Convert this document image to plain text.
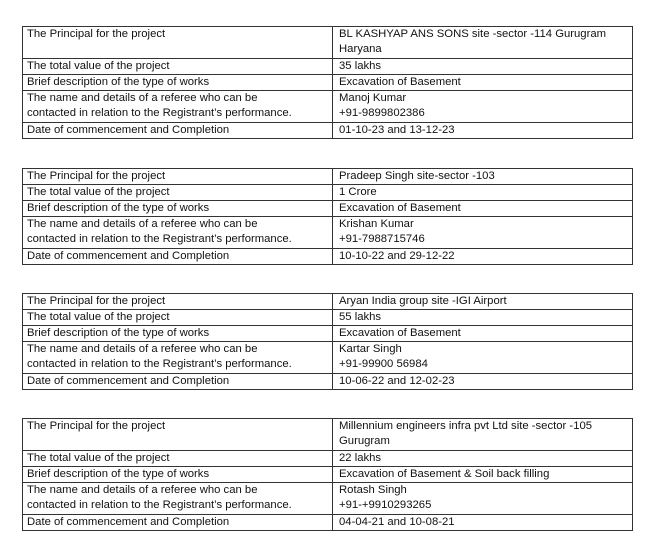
The Principal for the project	BL KASHYAP ANS SONS site -sector -114 Gurugram
Haryana

The total value of the project	35 lakhs
Brief description of the type of works	Excavation of Basement

The name and details of a referee who can be
contacted in relation to the Registrant’s performance.	Manoj Kumar
+91-9899802386

Date of commencement and Completion	01-10-23 and 13-12-23
The Principal for the project	Pradeep Singh site-sector -103
The total value of the project	1 Crore
Brief description of the type of works	Excavation of Basement

The name and details of a referee who can be
contacted in relation to the Registrant’s performance.	Krishan Kumar
+91-7988715746

Date of commencement and Completion	10-10-22 and 29-12-22
The Principal for the project	Aryan India group site -IGI Airport
The total value of the project	55 lakhs
Brief description of the type of works	Excavation of Basement

The name and details of a referee who can be
contacted in relation to the Registrant’s performance.	Kartar Singh
+91-99900 56984

Date of commencement and Completion	10-06-22 and 12-02-23
The Principal for the project	Millennium engineers infra pvt Ltd site -sector -105
Gurugram

The total value of the project	22 lakhs
Brief description of the type of works	Excavation of Basement & Soil back filling

The name and details of a referee who can be
contacted in relation to the Registrant’s performance.	Rotash Singh
+91-+9910293265

Date of commencement and Completion	04-04-21 and 10-08-21
